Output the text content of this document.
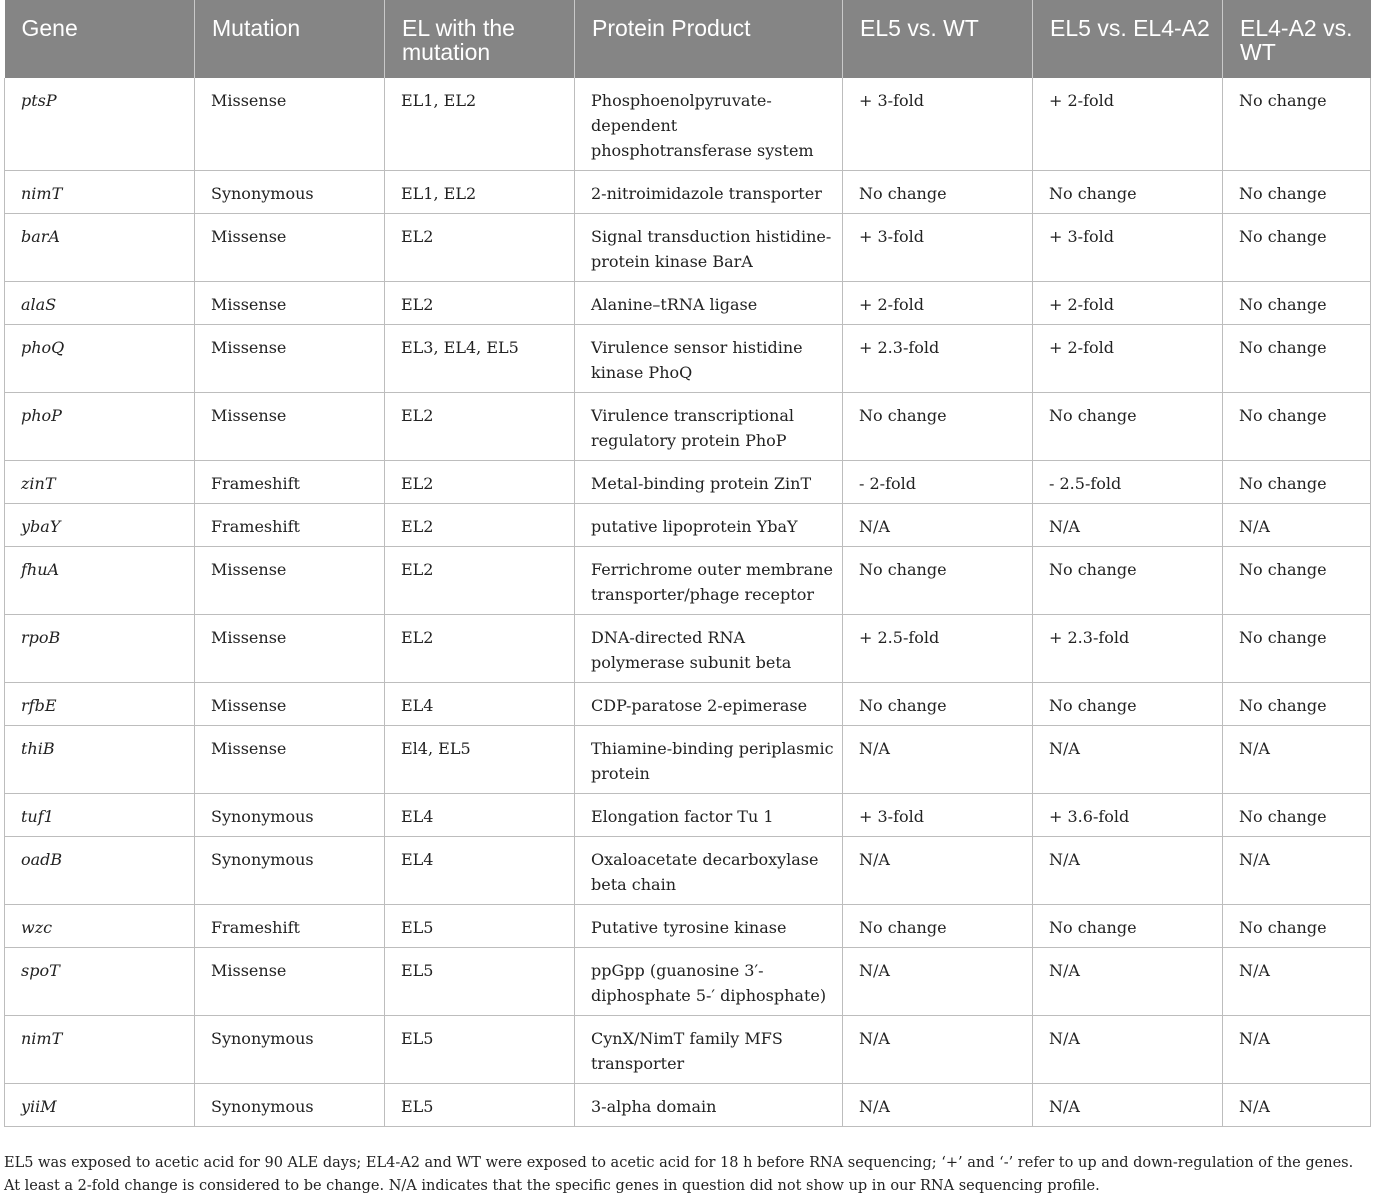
Gene	Mutation	EL with the mutation	Protein Product	EL5 vs. WT	EL5 vs. EL4-A2	EL4-A2 vs. WT
ptsP	Missense	EL1, EL2	Phosphoenolpyruvate-dependent phosphotransferase system	+ 3-fold	+ 2-fold	No change
nimT	Synonymous	EL1, EL2	2-nitroimidazole transporter	No change	No change	No change
barA	Missense	EL2	Signal transduction histidine-protein kinase BarA	+ 3-fold	+ 3-fold	No change
alaS	Missense	EL2	Alanine–tRNA ligase	+ 2-fold	+ 2-fold	No change
phoQ	Missense	EL3, EL4, EL5	Virulence sensor histidine kinase PhoQ	+ 2.3-fold	+ 2-fold	No change
phoP	Missense	EL2	Virulence transcriptional regulatory protein PhoP	No change	No change	No change
zinT	Frameshift	EL2	Metal-binding protein ZinT	- 2-fold	- 2.5-fold	No change
ybaY	Frameshift	EL2	putative lipoprotein YbaY	N/A	N/A	N/A
fhuA	Missense	EL2	Ferrichrome outer membrane transporter/phage receptor	No change	No change	No change
rpoB	Missense	EL2	DNA-directed RNA polymerase subunit beta	+ 2.5-fold	+ 2.3-fold	No change
rfbE	Missense	EL4	CDP-paratose 2-epimerase	No change	No change	No change
thiB	Missense	El4, EL5	Thiamine-binding periplasmic protein	N/A	N/A	N/A
tuf1	Synonymous	EL4	Elongation factor Tu 1	+ 3-fold	+ 3.6-fold	No change
oadB	Synonymous	EL4	Oxaloacetate decarboxylase beta chain	N/A	N/A	N/A
wzc	Frameshift	EL5	Putative tyrosine kinase	No change	No change	No change
spoT	Missense	EL5	ppGpp (guanosine 3′-diphosphate 5-′ diphosphate)	N/A	N/A	N/A
nimT	Synonymous	EL5	CynX/NimT family MFS transporter	N/A	N/A	N/A
yiiM	Synonymous	EL5	3-alpha domain	N/A	N/A	N/A
EL5 was exposed to acetic acid for 90 ALE days; EL4-A2 and WT were exposed to acetic acid for 18 h before RNA sequencing; ‘+’ and ‘-’ refer to up and down-regulation of the genes. At least a 2-fold change is considered to be change. N/A indicates that the specific genes in question did not show up in our RNA sequencing profile.
